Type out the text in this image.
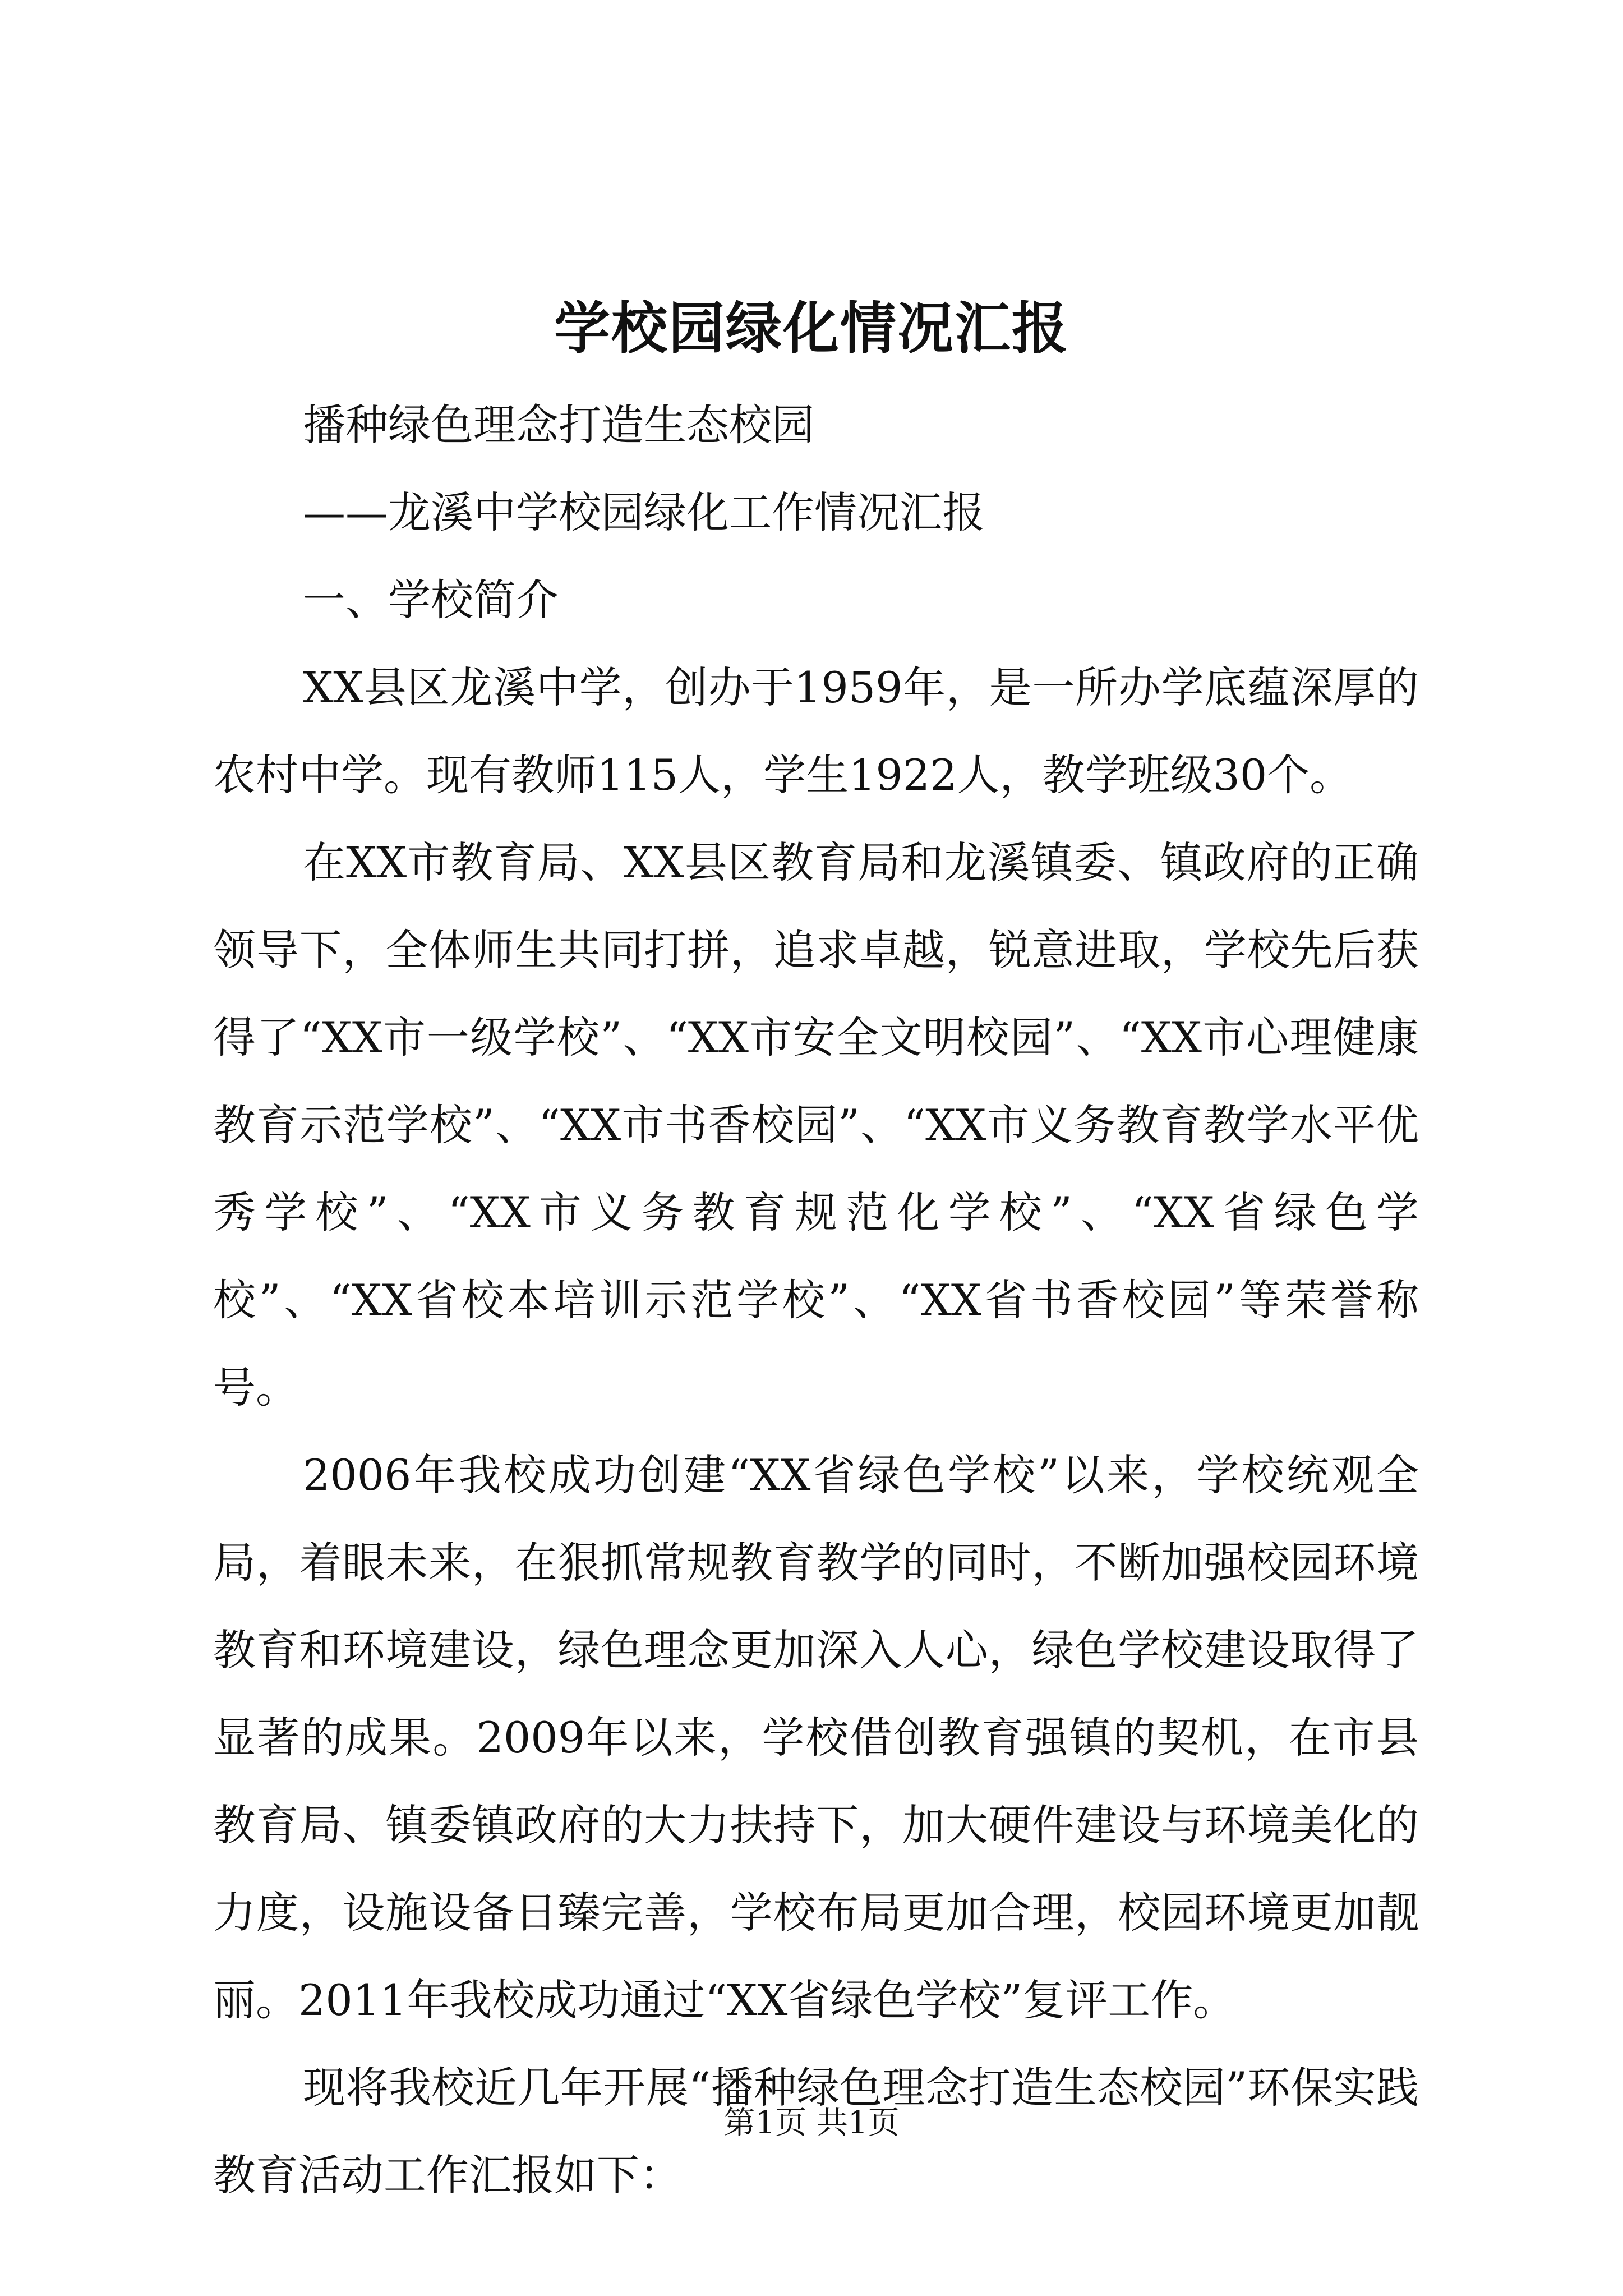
学校园绿化情况汇报

播种绿色理念打造生态校园

——龙溪中学校园绿化工作情况汇报

一、学校简介

XX县区龙溪中学，创办于1959年，是一所办学底蕴深厚的农村中学。现有教师115人，学生1922人，教学班级30个。

在XX市教育局、XX县区教育局和龙溪镇委、镇政府的正确领导下，全体师生共同打拼，追求卓越，锐意进取，学校先后获得了“XX市一级学校”、“XX市安全文明校园”、“XX市心理健康教育示范学校”、“XX市书香校园”、“XX市义务教育教学水平优秀学校”、“XX市义务教育规范化学校”、“XX省绿色学校”、“XX省校本培训示范学校”、“XX省书香校园”等荣誉称号。

2006年我校成功创建“XX省绿色学校”以来，学校统观全局，着眼未来，在狠抓常规教育教学的同时，不断加强校园环境教育和环境建设，绿色理念更加深入人心，绿色学校建设取得了显著的成果。2009年以来，学校借创教育强镇的契机，在市县教育局、镇委镇政府的大力扶持下，加大硬件建设与环境美化的力度，设施设备日臻完善，学校布局更加合理，校园环境更加靓丽。2011年我校成功通过“XX省绿色学校”复评工作。

现将我校近几年开展“播种绿色理念打造生态校园”环保实践教育活动工作汇报如下：

第1页 共1页
